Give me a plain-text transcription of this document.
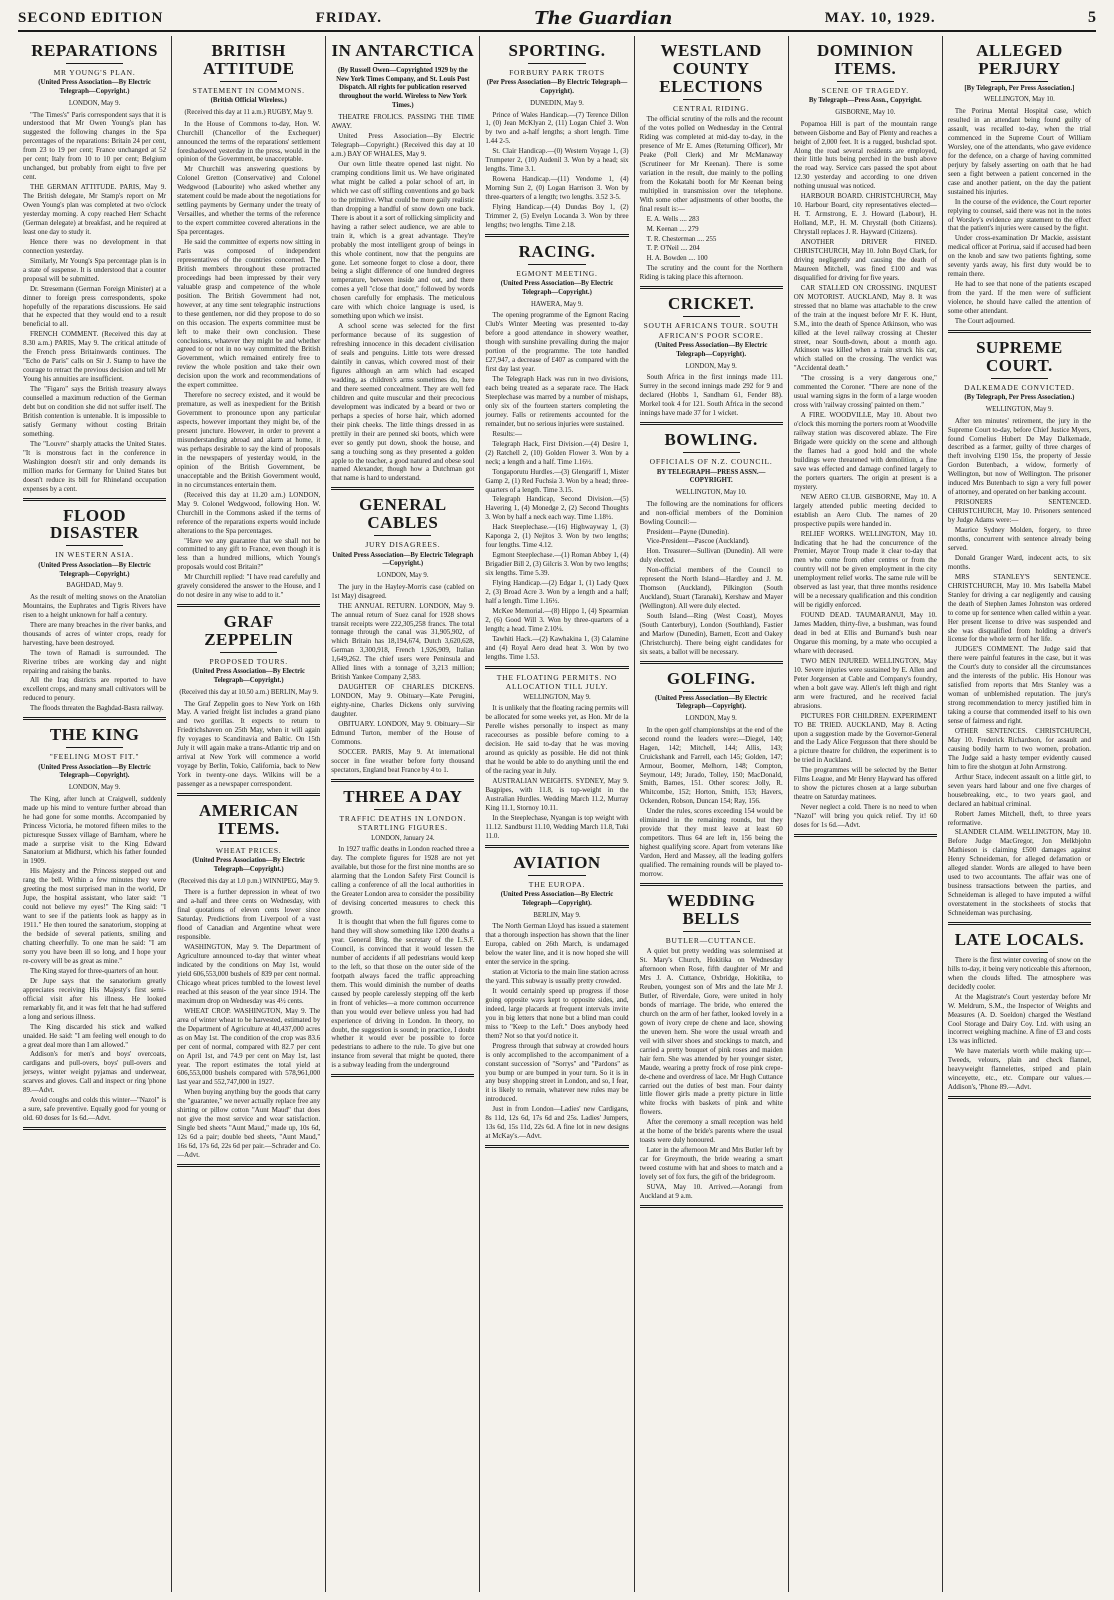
SECOND EDITION	FRIDAY.	The Guardian	MAY. 10, 1929.	5
REPARATIONS
MR YOUNG'S PLAN.
(United Press Association—By Electric Telegraph—Copyright.)
LONDON, May 9.
"The Times's" Paris correspondent says that it is understood that Mr Owen Young's plan has suggested the following changes in the Spa percentages of the reparations: Britain 24 per cent, from 23 to 19 per cent; France unchanged at 52 per cent; Italy from 10 to 10 per cent; Belgium unchanged, but probably from eight to five per cent.
THE GERMAN ATTITUDE. PARIS, May 9. The British delegate, Mr Stamp's report on Mr Owen Young's plan was completed at two o'clock yesterday morning. A copy reached Herr Schacht (German delegate) at breakfast, and he required at least one day to study it.
Hence there was no development in that connection yesterday.
Similarly, Mr Young's Spa percentage plan is in a state of suspense. It is understood that a counter proposal will be submitted.
Dr. Stresemann (German Foreign Minister) at a dinner to foreign press correspondents, spoke hopefully of the reparations discussions. He said that he expected that they would end to a result beneficial to all.
FRENCH COMMENT. (Received this day at 8.30 a.m.) PARIS, May 9. The critical attitude of the French press Britainwards continues. The "Echo de Paris" calls on Sir J. Stamp to have the courage to retract the previous decision and tell Mr Young his annuities are insufficient.
The "Figaro" says the British treasury always counselled a maximum reduction of the German debt but on condition she did not suffer itself. The British contention is untenable. It is impossible to satisfy Germany without costing Britain something.
The "Louvre" sharply attacks the United States. "It is monstrous fact in the conference in Washington doesn't stir and only demands its million marks for Germany for United States but doesn't reduce its bill for Rhineland occupation expenses by a cent.
FLOOD DISASTER
IN WESTERN ASIA.
(United Press Association—By Electric Telegraph—Copyright.)
BAGHDAD, May 9.
As the result of melting snows on the Anatolian Mountains, the Euphrates and Tigris Rivers have risen to a height unknown for half a century.
There are many breaches in the river banks, and thousands of acres of winter crops, ready for harvesting, have been destroyed.
The town of Ramadi is surrounded. The Riverine tribes are working day and night repairing and raising the banks.
All the Iraq districts are reported to have excellent crops, and many small cultivators will be reduced to penury.
The floods threaten the Baghdad-Basra railway.
THE KING
"FEELING MOST FIT."
(United Press Association—By Electric Telegraph—Copyright).
LONDON, May 9.
The King, after lunch at Craigwell, suddenly made up his mind to venture further abroad than he had gone for some months. Accompanied by Princess Victoria, he motored fifteen miles to the picturesque Sussex village of Barnham, where he made a surprise visit to the King Edward Sanatorium at Midhurst, which his father founded in 1909.
His Majesty and the Princess stepped out and rang the bell. Within a few minutes they were greeting the most surprised man in the world, Dr Jupe, the hospital assistant, who later said: "I could not believe my eyes!" The King said: "I want to see if the patients look as happy as in 1911." He then toured the sanatorium, stopping at the bedside of several patients, smiling and chatting cheerfully. To one man he said: "I am sorry you have been ill so long, and I hope your re-covery will be as great as mine."
The King stayed for three-quarters of an hour.
Dr Jupe says that the sanatorium greatly appreciates receiving His Majesty's first semi-official visit after his illness. He looked remarkably fit, and it was felt that he had suffered a long and serious illness.
The King discarded his stick and walked unaided. He said: "I am feeling well enough to do a great deal more than I am allowed."
Addison's for men's and boys' overcoats, cardigans and pull-overs, boys' pull-overs and jerseys, winter weight pyjamas and underwear, scarves and gloves. Call and inspect or ring 'phone 89.—Advt.
Avoid coughs and colds this winter—"Nazol" is a sure, safe preventive. Equally good for young or old. 60 doses for 1s 6d.—Advt.
BRITISH ATTITUDE
STATEMENT IN COMMONS.
(British Official Wireless.)
(Received this day at 11 a.m.) RUGBY, May 9.
In the House of Commons to-day, Hon. W. Churchill (Chancellor of the Exchequer) announced the terms of the reparations' settlement foreshadowed yesterday in the press, would in the opinion of the Government, be unacceptable.
Mr Churchill was answering questions by Colonel Gretton (Conservative) and Colonel Wedgwood (Labourite) who asked whether any statement could be made about the negotiations for settling payments by Germany under the treaty of Versailles, and whether the terms of the reference to the expert committee covered alterations in the Spa percentages.
He said the committee of experts now sitting in Paris was composed of independent representatives of the countries concerned. The British members throughout these protracted proceedings had been impressed by their very valuable grasp and competence of the whole position. The British Government had not, however, at any time sent telegraphic instructions to these gentlemen, nor did they propose to do so on this occasion. The experts committee must be left to make their own conclusion. These conclusions, whatever they might be and whether agreed to or not in no way committed the British Government, which remained entirely free to review the whole position and take their own decision upon the work and recommendations of the expert committee.
Therefore no secrecy existed, and it would be premature, as well as inexpedient for the British Government to pronounce upon any particular aspects, however important they might be, of the present juncture. However, in order to prevent a misunderstanding abroad and alarm at home, it was perhaps desirable to say the kind of proposals in the newspapers of yesterday would, in the opinion of the British Government, be unacceptable and the British Government would, in no circumstances entertain them.
(Received this day at 11.20 a.m.) LONDON, May 9. Colonel Wedgwood, following Hon. W. Churchill in the Commons asked if the terms of reference of the reparations experts would include alterations to the Spa percentages.
"Have we any guarantee that we shall not be committed to any gift to France, even though it is less than a hundred millions, which Young's proposals would cost Britain?"
Mr Churchill replied: "I have read carefully and gravely considered the answer to the House, and I do not desire in any wise to add to it."
GRAF ZEPPELIN
PROPOSED TOURS.
(United Press Association—By Electric Telegraph—Copyright.)
(Received this day at 10.50 a.m.) BERLIN, May 9.
The Graf Zeppelin goes to New York on 16th May. A varied freight list includes a grand piano and two gorillas. It expects to return to Friedrichshaven on 25th May, when it will again fly voyages to Scandinavia and Baltic. On 15th July it will again make a trans-Atlantic trip and on arrival at New York will commence a world voyage by Berlin, Tokio, California, back to New York in twenty-one days. Wilkins will be a passenger as a newspaper correspondent.
AMERICAN ITEMS.
WHEAT PRICES.
(United Press Association—By Electric Telegraph—Copyright.)
(Received this day at 1.0 p.m.) WINNIPEG, May 9.
There is a further depression in wheat of two and a-half and three cents on Wednesday, with final quotations of eleven cents lower since Saturday. Predictions from Liverpool of a vast flood of Canadian and Argentine wheat were responsible.
WASHINGTON, May 9. The Department of Agriculture announced to-day that winter wheat indicated by the conditions on May 1st, would yield 606,553,000 bushels of 839 per cent normal. Chicago wheat prices tumbled to the lowest level reached at this season of the year since 1914. The maximum drop on Wednesday was 4½ cents.
WHEAT CROP. WASHINGTON, May 9. The area of winter wheat to be harvested, estimated by the Department of Agriculture at 40,437,000 acres as on May 1st. The condition of the crop was 83.6 per cent of normal, compared with 82.7 per cent on April 1st, and 74.9 per cent on May 1st, last year. The report estimates the total yield at 606,553,000 bushels compared with 578,961,000 last year and 552,747,000 in 1927.
When buying anything buy the goods that carry the "guarantee," we never actually replace free any shirting or pillow cotton "Aunt Maud" that does not give the most service and wear satisfaction. Single bed sheets "Aunt Maud," made up, 10s 6d, 12s 6d a pair; double bed sheets, "Aunt Maud," 16s 6d, 17s 6d, 22s 6d per pair.—Schrader and Co.—Advt.
IN ANTARCTICA
(By Russell Owen—Copyrighted 1929 by the New York Times Company, and St. Louis Post Dispatch. All rights for publication reserved throughout the world. Wireless to New York Times.)
THEATRE FROLICS. PASSING THE TIME AWAY.
United Press Association—By Electric Telegraph—Copyright.) (Received this day at 10 a.m.) BAY OF WHALES, May 9.
Our own little theatre opened last night. No cramping conditions limit us. We have originated what might be called a polar school of art, in which we cast off stifling conventions and go back to the primitive. What could be more gaily realistic than dropping a handful of snow down one back. There is about it a sort of rollicking simplicity and having a rather select audience, we are able to train it, which is a great advantage. They're probably the most intelligent group of beings in this whole continent, now that the penguins are gone. Let someone forget to close a door, there being a slight difference of one hundred degrees temperature, between inside and out, and there comes a yell "close that door," followed by words chosen carefully for emphasis. The meticulous care with which choice language is used, is something upon which we insist.
A school scene was selected for the first performance because of its suggestion of refreshing innocence in this decadent civilisation of seals and penguins. Little tots were dressed daintily in canvas, which covered most of their figures although an arm which had escaped wadding, as children's arms sometimes do, here and there seemed concealment. They are well fed children and quite muscular and their precocious development was indicated by a beard or two or perhaps a species of horse hair, which adorned their pink cheeks. The little things dressed in as prettily in their are penned ski boots, which were ever so gently put down, shook the house, and sang a touching song as they presented a golden apple to the teacher, a good natured and obese soul named Alexander, though how a Dutchman got that name is hard to understand.
GENERAL CABLES
JURY DISAGREES.
United Press Association—By Electric Telegraph—Copyright.)
LONDON, May 9.
The jury in the Hayley-Morris case (cabled on 1st May) disagreed.
THE ANNUAL RETURN. LONDON, May 9. The annual return of Suez canal for 1928 shows transit receipts were 222,305,258 francs. The total tonnage through the canal was 31,905,902, of which Britain has 18,194,674, Dutch 3,620,628, German 3,300,918, French 1,926,909, Italian 1,649,262. The chief users were Peninsula and Allied lines with a tonnage of 3,213 million; British Yankee Company 2,583.
DAUGHTER OF CHARLES DICKENS. LONDON, May 9. Obituary—Kate Perugini, eighty-nine, Charles Dickens only surviving daughter.
OBITUARY. LONDON, May 9. Obituary—Sir Edmund Turton, member of the House of Commons.
SOCCER. PARIS, May 9. At international soccer in fine weather before forty thousand spectators, England beat France by 4 to 1.
THREE A DAY
TRAFFIC DEATHS IN LONDON. STARTLING FIGURES.
LONDON, January 24.
In 1927 traffic deaths in London reached three a day. The complete figures for 1928 are not yet available, but those for the first nine months are so alarming that the London Safety First Council is calling a conference of all the local authorities in the Greater London area to consider the possibility of devising concerted measures to check this growth.
It is thought that when the full figures come to hand they will show something like 1200 deaths a year. General Brig. the secretary of the L.S.F. Council, is convinced that it would lessen the number of accidents if all pedestrians would keep to the left, so that those on the outer side of the footpath always faced the traffic approaching them. This would diminish the number of deaths caused by people carelessly stepping off the kerb in front of vehicles—a more common occurrence than you would ever believe unless you had had experience of driving in London. In theory, no doubt, the suggestion is sound; in practice, I doubt whether it would ever be possible to force pedestrians to adhere to the rule. To give but one instance from several that might be quoted, there is a subway leading from the underground
SPORTING.
FORBURY PARK TROTS
(Per Press Association—By Electric Telegraph—Copyright).
DUNEDIN, May 9.
Prince of Wales Handicap.—(7) Terence Dillon 1, (0) Jean McKlyan 2, (11) Logan Chief 3. Won by two and a-half lengths; a short length. Time 1.44 2-5.
St. Clair Handicap.—(0) Western Voyage 1, (3) Trumpeter 2, (10) Audenil 3. Won by a head; six lengths. Time 3.1.
Rowena Handicap.—(11) Vendome 1, (4) Morning Sun 2, (0) Logan Harrison 3. Won by three-quarters of a length; two lengths. 3.52 3-5.
Flying Handicap.—(4) Dundas Boy 1, (2) Trimmer 2, (5) Evelyn Locanda 3. Won by three lengths; two lengths. Time 2.18.
RACING.
EGMONT MEETING.
(United Press Association—By Electric Telegraph—Copyright.)
HAWERA, May 9.
The opening programme of the Egmont Racing Club's Winter Meeting was presented to-day before a good attendance in showery weather, though with sunshine prevailing during the major portion of the programme. The tote handled £27,947, a decrease of £407 as compared with the first day last year.
The Telegraph Hack was run in two divisions, each being treated as a separate race. The Hack Steeplechase was marred by a number of mishaps, only six of the fourteen starters completing the journey. Falls or retirements accounted for the remainder, but no serious injuries were sustained.
Results:—
Telegraph Hack, First Division.—(4) Desire 1, (2) Ratchell 2, (10) Golden Flower 3. Won by a neck; a length and a half. Time 1.16½.
Tongaporutu Hurdles.—(3) Glengariff 1, Mister Gamp 2, (1) Red Fuchsia 3. Won by a head; three-quarters of a length. Time 3.15.
Telegraph Handicap, Second Division.—(5) Havering 1, (4) Monedge 2, (2) Second Thoughts 3. Won by half a neck each way. Time 1.18½.
Hack Steeplechase.—(16) Highwayway 1, (3) Kaponga 2, (1) Nejitos 3. Won by two lengths; four lengths. Time 4.12.
Egmont Steeplechase.—(1) Roman Abbey 1, (4) Brigadier Bill 2, (3) Gilcris 3. Won by two lengths; six lengths. Time 5.39.
Flying Handicap.—(2) Edgar 1, (1) Lady Quex 2, (3) Broad Acre 3. Won by a length and a half; half a length. Time 1.16½.
McKee Memorial.—(8) Hippo 1, (4) Spearmian 2, (6) Good Will 3. Won by three-quarters of a length; a head. Time 2.10¼.
Tawhiti Hack.—(2) Kawhakina 1, (3) Calamine and (4) Royal Aero dead heat 3. Won by two lengths. Time 1.53.
THE FLOATING PERMITS. NO ALLOCATION TILL JULY.
WELLINGTON, May 9.
It is unlikely that the floating racing permits will be allocated for some weeks yet, as Hon. Mr de la Perelle wishes personally to inspect as many racecourses as possible before coming to a decision. He said to-day that he was moving around as quickly as possible. He did not think that he would be able to do anything until the end of the racing year in July.
AUSTRALIAN WEIGHTS. SYDNEY, May 9. Bagpipes, with 11.8, is top-weight in the Australian Hurdles. Wedding March 11.2, Murray King 11.1, Stornoy 10.11.
In the Steeplechase, Nyangan is top weight with 11.12. Sandburst 11.10, Wedding March 11.8, Tuki 11.0.
AVIATION
THE EUROPA.
(United Press Association—By Electric Telegraph—Copyright).
BERLIN, May 9.
The North German Lloyd has issued a statement that a thorough inspection has shown that the liner Europa, cabled on 26th March, is undamaged below the water line, and it is now hoped she will enter the service in the spring.
station at Victoria to the main line station across the yard. This subway is usually pretty crowded.
It would certainly speed up progress if those going opposite ways kept to opposite sides, and, indeed, large placards at frequent intervals invite you in big letters that none but a blind man could miss to "Keep to the Left." Does anybody heed them? Not so that you'd notice it.
Progress through that subway at crowded hours is only accomplished to the accompaniment of a constant succession of "Sorrys" and "Pardons" as you bump or are bumped in your turn. So it is in any busy shopping street in London, and so, I fear, it is likely to remain, whatever new rules may be introduced.
Just in from London—Ladies' new Cardigans, 8s 11d, 12s 6d, 17s 6d and 25s. Ladies' Jumpers, 13s 6d, 15s 11d, 22s 6d. A fine lot in new designs at McKay's.—Advt.
WESTLAND COUNTY ELECTIONS
CENTRAL RIDING.
The official scrutiny of the rolls and the recount of the votes polled on Wednesday in the Central Riding was completed at mid-day to-day, in the presence of Mr E. Ames (Returning Officer), Mr Peake (Poll Clerk) and Mr McManaway (Scrutineer for Mr Keenan). There is some variation in the result, due mainly to the polling from the Kokatahi booth for Mr Keenan being multiplied in transmission over the telephone. With some other adjustments of other booths, the final result is:—
E. A. Wells .... 283
M. Keenan .... 279
T. R. Chesterman .... 255
T. P. O'Neil .... 204
H. A. Bowden .... 100
The scrutiny and the count for the Northern Riding is taking place this afternoon.
CRICKET.
SOUTH AFRICANS TOUR. SOUTH AFRICAN'S POOR SCORE.
(United Press Association—By Electric Telegraph—Copyright).
LONDON, May 9.
South Africa in the first innings made 111. Surrey in the second innings made 292 for 9 and declared (Hobbs 1, Sandham 61, Fender 88). Morkel took 4 for 121. South Africa in the second innings have made 37 for 1 wicket.
BOWLING.
OFFICIALS OF N.Z. COUNCIL.
BY TELEGRAPH—PRESS ASSN.—COPYRIGHT.
WELLINGTON, May 10.
The following are the nominations for officers and non-official members of the Dominion Bowling Council:—
President—Payne (Dunedin).
Vice-President—Pascoe (Auckland).
Hon. Treasurer—Sullivan (Dunedin). All were duly elected.
Non-official members of the Council to represent the North Island—Hardley and J. M. Thomson (Auckland), Pilkington (South Auckland), Stuart (Taranaki), Kershaw and Mayer (Wellington). All were duly elected.
South Island—Ring (West Coast), Moyes (South Canterbury), London (Southland), Fastier and Marlow (Dunedin), Barnett, Ecott and Oakey (Christchurch). There being eight candidates for six seats, a ballot will be necessary.
GOLFING.
(United Press Association—By Electric Telegraph—Copyright).
LONDON, May 9.
In the open golf championships at the end of the second round the leaders were:—Diegel, 140; Hagen, 142; Mitchell, 144; Allis, 143; Cruickshank and Farrell, each 145; Golden, 147; Armour, Boomer, Melhorn, 148; Compton, Seymour, 149; Jurado, Tolley, 150; MacDonald, Smith, Barnes, 151. Other scores: Jolly, R. Whitcombe, 152; Horton, Smith, 153; Havers, Ockenden, Robson, Duncan 154; Ray, 156.
Under the rules, scores exceeding 154 would be eliminated in the remaining rounds, but they provide that they must leave at least 60 competitors. Thus 64 are left in, 156 being the highest qualifying score. Apart from veterans like Vardon, Herd and Massey, all the leading golfers qualified. The remaining rounds will be played to-morrow.
WEDDING BELLS
BUTLER—CUTTANCE.
A quiet but pretty wedding was solemnised at St. Mary's Church, Hokitika on Wednesday afternoon when Rose, fifth daughter of Mr and Mrs J. A. Cuttance, Oxbridge, Hokitika, to Reuben, youngest son of Mrs and the late Mr J. Butler, of Riverdale, Gore, were united in holy bonds of marriage. The bride, who entered the church on the arm of her father, looked lovely in a gown of ivory crepe de chene and lace, showing the uneven hem. She wore the usual wreath and veil with silver shoes and stockings to match, and carried a pretty bouquet of pink roses and maiden hair fern. She was attended by her younger sister, Maude, wearing a pretty frock of rose pink crepe-de-chene and overdress of lace. Mr Hugh Cuttance carried out the duties of best man. Four dainty little flower girls made a pretty picture in little white frocks with baskets of pink and white flowers.
After the ceremony a small reception was held at the home of the bride's parents where the usual toasts were duly honoured.
Later in the afternoon Mr and Mrs Butler left by car for Greymouth, the bride wearing a smart tweed costume with hat and shoes to match and a lovely set of fox furs, the gift of the bridegroom.
SUVA, May 10. Arrived.—Aorangi from Auckland at 9 a.m.
DOMINION ITEMS.
SCENE OF TRAGEDY.
By Telegraph—Press Assn., Copyright.
GISBORNE, May 10.
Popamoa Hill is part of the mountain range between Gisborne and Bay of Plenty and reaches a height of 2,000 feet. It is a rugged, bushclad spot. Along the road several residents are employed, their little huts being perched in the bush above the road way. Service cars passed the spot about 12.30 yesterday and according to one driven nothing unusual was noticed.
HARBOUR BOARD. CHRISTCHURCH, May 10. Harbour Board, city representatives elected—H. T. Armstrong, E. J. Howard (Labour), H. Holland, M.P., H. M. Chrystall (both Citizens). Chrystall replaces J. R. Hayward (Citizens).
ANOTHER DRIVER FINED. CHRISTCHURCH, May 10. John Boyd Clark, for driving negligently and causing the death of Maureen Mitchell, was fined £100 and was disqualified for driving for five years.
CAR STALLED ON CROSSING. INQUEST ON MOTORIST. AUCKLAND, May 8. It was stressed that no blame was attachable to the crew of the train at the inquest before Mr F. K. Hunt, S.M., into the death of Spence Atkinson, who was killed at the level railway crossing at Chester street, near South-down, about a month ago. Atkinson was killed when a train struck his car, which stalled on the crossing. The verdict was "Accidental death."
"The crossing is a very dangerous one," commented the Coroner. "There are none of the usual warning signs in the form of a large wooden cross with 'railway crossing' painted on them."
A FIRE. WOODVILLE, May 10. About two o'clock this morning the porters room at Woodville railway station was discovered ablaze. The Fire Brigade were quickly on the scene and although the flames had a good hold and the whole buildings were threatened with demolition, a fine save was effected and damage confined largely to the porters quarters. The origin at present is a mystery.
NEW AERO CLUB. GISBORNE, May 10. A largely attended public meeting decided to establish an Aero Club. The names of 20 prospective pupils were handed in.
RELIEF WORKS. WELLINGTON, May 10. Indicating that he had the concurrence of the Premier, Mayor Troup made it clear to-day that men who come from other centres or from the country will not be given employment in the city unemployment relief works. The same rule will be observed as last year, that three months residence will be a necessary qualification and this condition will be rigidly enforced.
FOUND DEAD. TAUMARANUI, May 10. James Madden, thirty-five, a bushman, was found dead in bed at Ellis and Burnand's bush near Ongarue this morning, by a mate who occupied a whare with deceased.
TWO MEN INJURED. WELLINGTON, May 10. Severe injuries were sustained by E. Allen and Peter Jorgensen at Cable and Company's foundry, when a bolt gave way. Allen's left thigh and right arm were fractured, and he received facial abrasions.
PICTURES FOR CHILDREN. EXPERIMENT TO BE TRIED. AUCKLAND, May 8. Acting upon a suggestion made by the Governor-General and the Lady Alice Fergusson that there should be a picture theatre for children, the experiment is to be tried in Auckland.
The programmes will be selected by the Better Films League, and Mr Henry Hayward has offered to show the pictures chosen at a large suburban theatre on Saturday matinees.
Never neglect a cold. There is no need to when "Nazol" will bring you quick relief. Try it! 60 doses for 1s 6d.—Advt.
ALLEGED PERJURY
[By Telegraph, Per Press Association.]
WELLINGTON, May 10.
The Porirua Mental Hospital case, which resulted in an attendant being found guilty of assault, was recalled to-day, when the trial commenced in the Supreme Court of William Worsley, one of the attendants, who gave evidence for the defence, on a charge of having committed perjury by falsely asserting on oath that he had seen a fight between a patient concerned in the case and another patient, on the day the patient sustained his injuries.
In the course of the evidence, the Court reporter replying to counsel, said there was not in the notes of Worsley's evidence any statement to the effect that the patient's injuries were caused by the fight.
Under cross-examination Dr Mackie, assistant medical officer at Porirua, said if accused had been on the knob and saw two patients fighting, some seventy yards away, his first duty would be to remain there.
He had to see that none of the patients escaped from the yard. If the men were of sufficient violence, he should have called the attention of some other attendant.
The Court adjourned.
SUPREME COURT.
DALKEMADE CONVICTED.
(By Telegraph, Per Press Association.)
WELLINGTON, May 9.
After ten minutes' retirement, the jury in the Supreme Court to-day, before Chief Justice Myers, found Cornelius Hubert De May Dalkemade, described as a farmer, guilty of three charges of theft involving £190 15s, the property of Jessie Gordon Butenbach, a widow, formerly of Wellington, but now of Wellington. The prisoner induced Mrs Butenbach to sign a very full power of attorney, and operated on her banking account.
PRISONERS SENTENCED. CHRISTCHURCH, May 10. Prisoners sentenced by Judge Adams were:—
Maurice Sydney Molden, forgery, to three months, concurrent with sentence already being served.
Donald Granger Ward, indecent acts, to six months.
MRS STANLEY'S SENTENCE. CHRISTCHURCH, May 10. Mrs Isabella Mabel Stanley for driving a car negligently and causing the death of Stephen James Johnston was ordered to come up for sentence when called within a year. Her present license to drive was suspended and she was disqualified from holding a driver's license for the whole term of her life.
JUDGE'S COMMENT. The Judge said that there were painful features in the case, but it was the Court's duty to consider all the circumstances and the interests of the public. His Honour was satisfied from reports that Mrs Stanley was a woman of unblemished reputation. The jury's strong recommendation to mercy justified him in taking a course that commended itself to his own sense of fairness and right.
OTHER SENTENCES. CHRISTCHURCH, May 10. Frederick Richardson, for assault and causing bodily harm to two women, probation. The Judge said a hasty temper evidently caused him to fire the shotgun at John Armstrong.
Arthur Stace, indecent assault on a little girl, to seven years hard labour and one five charges of housebreaking, etc., to two years gaol, and declared an habitual criminal.
Robert James Mitchell, theft, to three years reformative.
SLANDER CLAIM. WELLINGTON, May 10. Before Judge MacGregor, Jon Melkbjohn Mathieson is claiming £500 damages against Henry Schneideman, for alleged defamation or alleged slander. Words are alleged to have been used to two accountants. The affair was one of business transactions between the parties, and Schneideman is alleged to have imputed a wilful overstatement in the stocksheets of stocks that Schneideman was purchasing.
LATE LOCALS.
There is the first winter covering of snow on the hills to-day, it being very noticeable this afternoon, when the clouds lifted. The atmosphere was decidedly cooler.
At the Magistrate's Court yesterday before Mr W. Meldrum, S.M., the Inspector of Weights and Measures (A. D. Soeldon) charged the Westland Cool Storage and Dairy Coy. Ltd. with using an incorrect weighing machine. A fine of £3 and costs 13s was inflicted.
We have materials worth while making up:—Tweeds, velours, plain and check flannel, heavyweight flannelettes, striped and plain winceyette, etc., etc. Compare our values.—Addison's, 'Phone 89.—Advt.
